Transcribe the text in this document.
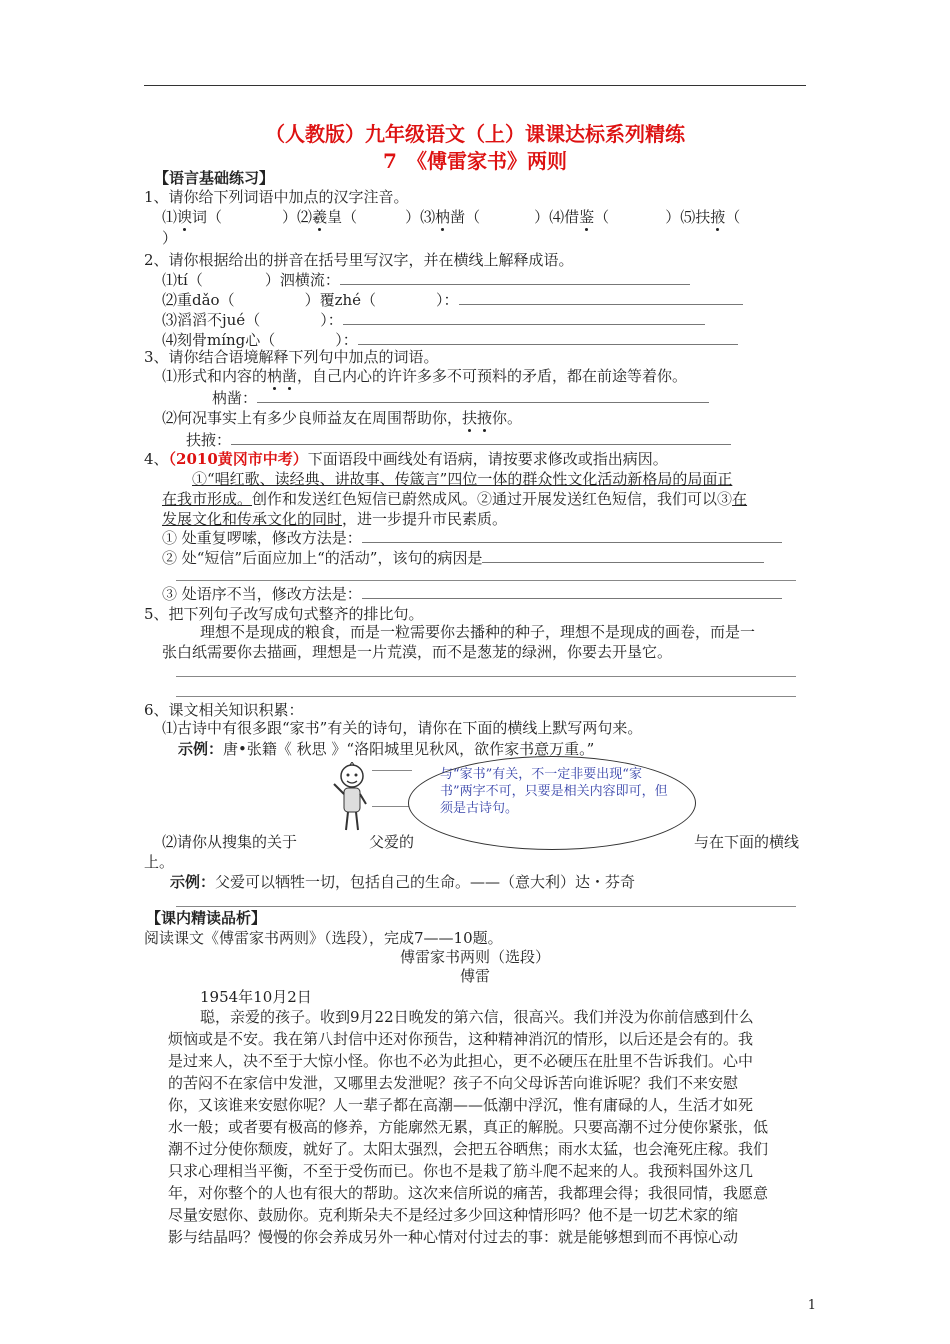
（人教版）九年级语文（上）课课达标系列精练
7　《傅雷家书》两则
【语言基础练习】
1、请你给下列词语中加点的汉字注音。
⑴谀词（	）⑵羲皇（	）⑶枘凿（	）⑷借鉴（	）⑸扶掖（
）
2、请你根据给出的拼音在括号里写汉字，并在横线上解释成语。
⑴tí（	）泗横流：
⑵重dǎo（	）覆zhé（	）：
⑶滔滔不jué（	）：
⑷刻骨míng心（	）：
3、请你结合语境解释下列句中加点的词语。
⑴形式和内容的枘凿，自己内心的许许多多不可预料的矛盾，都在前途等着你。
枘凿：
⑵何况事实上有多少良师益友在周围帮助你，扶掖你。
扶掖：
4、（2010黄冈市中考）下面语段中画线处有语病，请按要求修改或指出病因。
①“唱红歌、读经典、讲故事、传箴言”四位一体的群众性文化活动新格局的局面正
在我市形成。创作和发送红色短信已蔚然成风。②通过开展发送红色短信，我们可以③在
发展文化和传承文化的同时，进一步提升市民素质。
① 处重复啰嗦，修改方法是：
② 处“短信”后面应加上“的活动”，该句的病因是
③ 处语序不当，修改方法是：
5、把下列句子改写成句式整齐的排比句。
理想不是现成的粮食，而是一粒需要你去播种的种子，理想不是现成的画卷，而是一
张白纸需要你去描画，理想是一片荒漠，而不是葱茏的绿洲，你要去开垦它。
6、课文相关知识积累：
⑴古诗中有很多跟“家书”有关的诗句，请你在下面的横线上默写两句来。
示例：唐•张籍《 秋思 》“洛阳城里见秋风，欲作家书意万重。”
与“家书”有关，不一定非要出现“家书”两字不可，只要是相关内容即可，但须是古诗句。
⑵请你从搜集的关于	父爱的	与在下面的横线
上。
示例：父爱可以牺牲一切，包括自己的生命。——（意大利）达・芬奇
【课内精读品析】
阅读课文《傅雷家书两则》（选段），完成7——10题。
傅雷家书两则（选段）
傅雷
1954年10月2日
聪，亲爱的孩子。收到9月22日晚发的第六信，很高兴。我们并没为你前信感到什么
烦恼或是不安。我在第八封信中还对你预告，这种精神消沉的情形，以后还是会有的。我
是过来人，决不至于大惊小怪。你也不必为此担心，更不必硬压在肚里不告诉我们。心中
的苦闷不在家信中发泄，又哪里去发泄呢？孩子不向父母诉苦向谁诉呢？我们不来安慰
你，又该谁来安慰你呢？人一辈子都在高潮——低潮中浮沉，惟有庸碌的人，生活才如死
水一般；或者要有极高的修养，方能廓然无累，真正的解脱。只要高潮不过分使你紧张，低
潮不过分使你颓废，就好了。太阳太强烈，会把五谷晒焦；雨水太猛，也会淹死庄稼。我们
只求心理相当平衡，不至于受伤而已。你也不是栽了筋斗爬不起来的人。我预料国外这几
年，对你整个的人也有很大的帮助。这次来信所说的痛苦，我都理会得；我很同情，我愿意
尽量安慰你、鼓励你。克利斯朵夫不是经过多少回这种情形吗？他不是一切艺术家的缩
影与结晶吗？慢慢的你会养成另外一种心情对付过去的事：就是能够想到而不再惊心动
1
